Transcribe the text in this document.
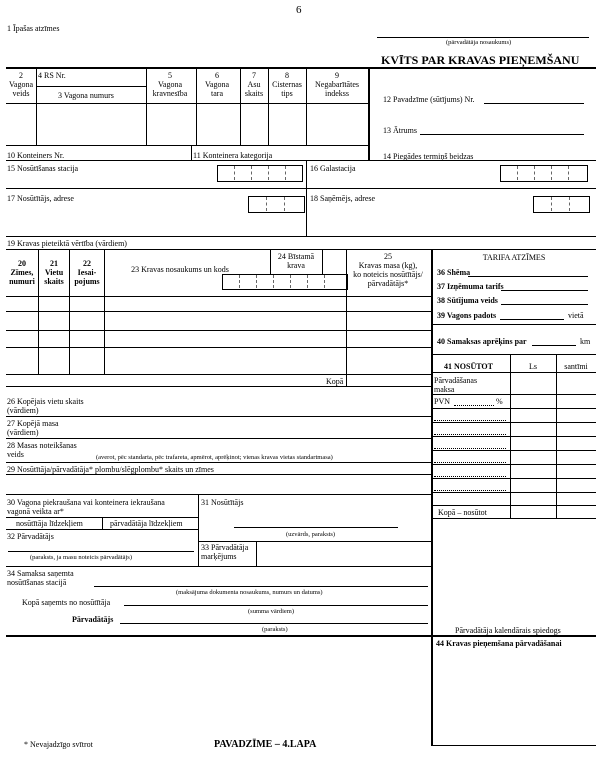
6
1 Īpašas atzīmes
(pārvadātāja nosaukums)
KVĪTS PAR KRAVAS PIEŅEMŠANU
2
Vagona
veids
4 RS Nr.
3 Vagona numurs
5
Vagona
kravnesība
6
Vagona
tara
7
Asu
skaits
8
Cisternas
tips
9
Negabarītātes
indekss
12 Pavadzīme (sūtījums) Nr.
13 Ātrums
14 Piegādes termiņš beidzas
10 Konteiners Nr.	11 Konteinera kategorija
15 Nosūtīšanas stacija	16 Galastacija
17 Nosūtītājs, adrese	18 Saņēmējs, adrese
19 Kravas pieteiktā vērtība (vārdiem)
20
Zīmes,
numuri
21
Vietu
skaits
22
Iesai-
pojums
23 Kravas nosaukums un kods
24 Bīstamā
krava
25
Kravas masa (kg),
ko noteicis nosūtītājs/
pārvadātājs*
Kopā
TARIFA ATZĪMES
36 Shēma
37 Izņēmuma tarifs
38 Sūtījuma veids
39 Vagons padots	vietā
40 Samaksas aprēķins par	km
41 NOSŪTOT	Ls	santīmi
Pārvadāšanas
maksa
PVN	%
Kopā – nosūtot
26 Kopējais vietu skaits
(vārdiem)
27 Kopējā masa
(vārdiem)
28 Masas noteikšanas
veids	(averot, pēc standarta, pēc trafareta, apmērot, aprēķinot; vienas kravas vietas standartmasa)
29 Nosūtītāja/pārvadātāja* plombu/slēgplombu* skaits un zīmes
30 Vagona piekraušana vai konteinera iekraušana
vagonā veikta ar*
nosūtītāja līdzekļiem	pārvadātāja līdzekļiem
31 Nosūtītājs
(uzvārds, paraksts)
32 Pārvadātājs
(paraksts, ja masu noteicis pārvadātājs)
33 Pārvadātāja
marķējums
34 Samaksa saņemta
nosūtīšanas stacijā
(maksājuma dokumenta nosaukums, numurs un datums)
Kopā saņemts no nosūtītāja
(summa vārdiem)
Pārvadātājs
(paraksts)	Pārvadātāja kalendārais spiedogs
44 Kravas pieņemšana pārvadāšanai
* Nevajadzīgo svītrot	PAVADZĪME – 4.LAPA
